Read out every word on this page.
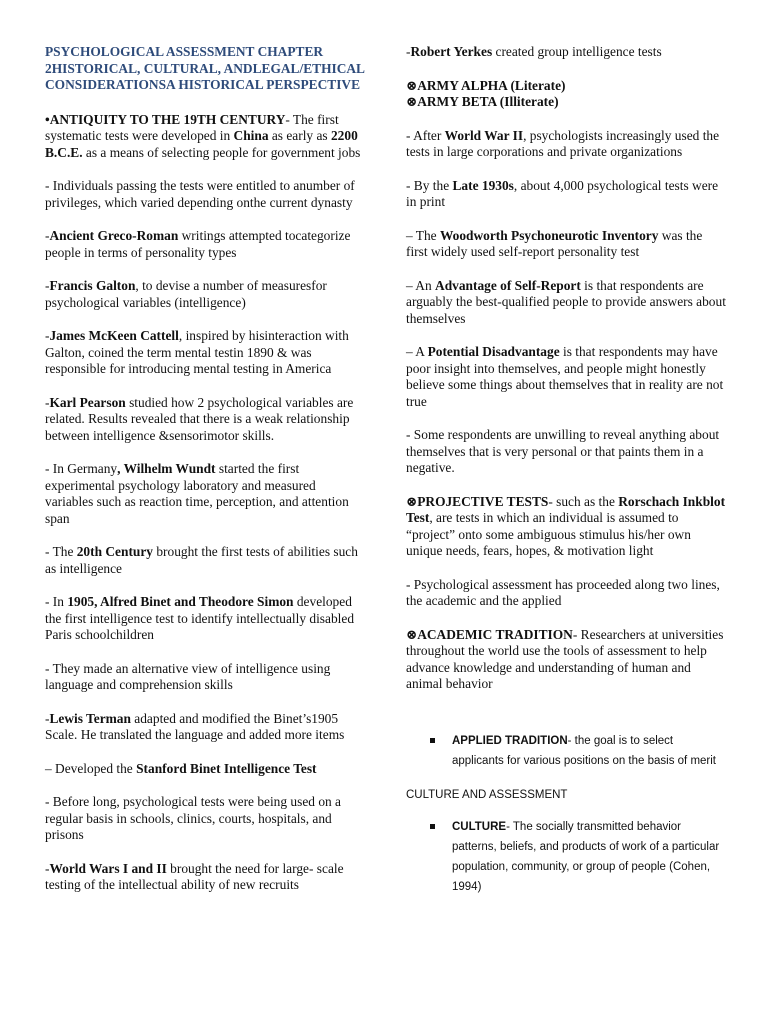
PSYCHOLOGICAL ASSESSMENT CHAPTER 2HISTORICAL, CULTURAL, ANDLEGAL/ETHICAL CONSIDERATIONSA HISTORICAL PERSPECTIVE

•ANTIQUITY TO THE 19TH CENTURY- The first systematic tests were developed in China as early as 2200 B.C.E. as a means of selecting people for government jobs

- Individuals passing the tests were entitled to anumber of privileges, which varied depending onthe current dynasty

-Ancient Greco-Roman writings attempted tocategorize people in terms of personality types

-Francis Galton, to devise a number of measuresfor psychological variables (intelligence)

-James McKeen Cattell, inspired by hisinteraction with Galton, coined the term mental testin 1890 & was responsible for introducing mental testing in America

-Karl Pearson studied how 2 psychological variables are related. Results revealed that there is a weak relationship between intelligence &sensorimotor skills.

- In Germany, Wilhelm Wundt started the first experimental psychology laboratory and measured variables such as reaction time, perception, and attention span

- The 20th Century brought the first tests of abilities such as intelligence

- In 1905, Alfred Binet and Theodore Simon developed the first intelligence test to identify intellectually disabled Paris schoolchildren

- They made an alternative view of intelligence using language and comprehension skills

-Lewis Terman adapted and modified the Binet’s1905 Scale. He translated the language and added more items

– Developed the Stanford Binet Intelligence Test

- Before long, psychological tests were being used on a regular basis in schools, clinics, courts, hospitals, and prisons

-World Wars I and II brought the need for large- scale testing of the intellectual ability of new recruits

-Robert Yerkes created group intelligence tests

⊗ARMY ALPHA (Literate)
⊗ARMY BETA (Illiterate)

- After World War II, psychologists increasingly used the tests in large corporations and private organizations

- By the Late 1930s, about 4,000 psychological tests were in print

– The Woodworth Psychoneurotic Inventory was the first widely used self-report personality test

– An Advantage of Self-Report is that respondents are arguably the best-qualified people to provide answers about themselves

– A Potential Disadvantage is that respondents may have poor insight into themselves, and people might honestly believe some things about themselves that in reality are not true

- Some respondents are unwilling to reveal anything about themselves that is very personal or that paints them in a negative.

⊗PROJECTIVE TESTS- such as the Rorschach Inkblot Test, are tests in which an individual is assumed to “project” onto some ambiguous stimulus his/her own unique needs, fears, hopes, & motivation light

- Psychological assessment has proceeded along two lines, the academic and the applied

⊗ACADEMIC TRADITION- Researchers at universities throughout the world use the tools of assessment to help advance knowledge and understanding of human and animal behavior

APPLIED TRADITION- the goal is to select applicants for various positions on the basis of merit
CULTURE AND ASSESSMENT
CULTURE- The socially transmitted behavior patterns, beliefs, and products of work of a particular population, community, or group of people (Cohen, 1994)
